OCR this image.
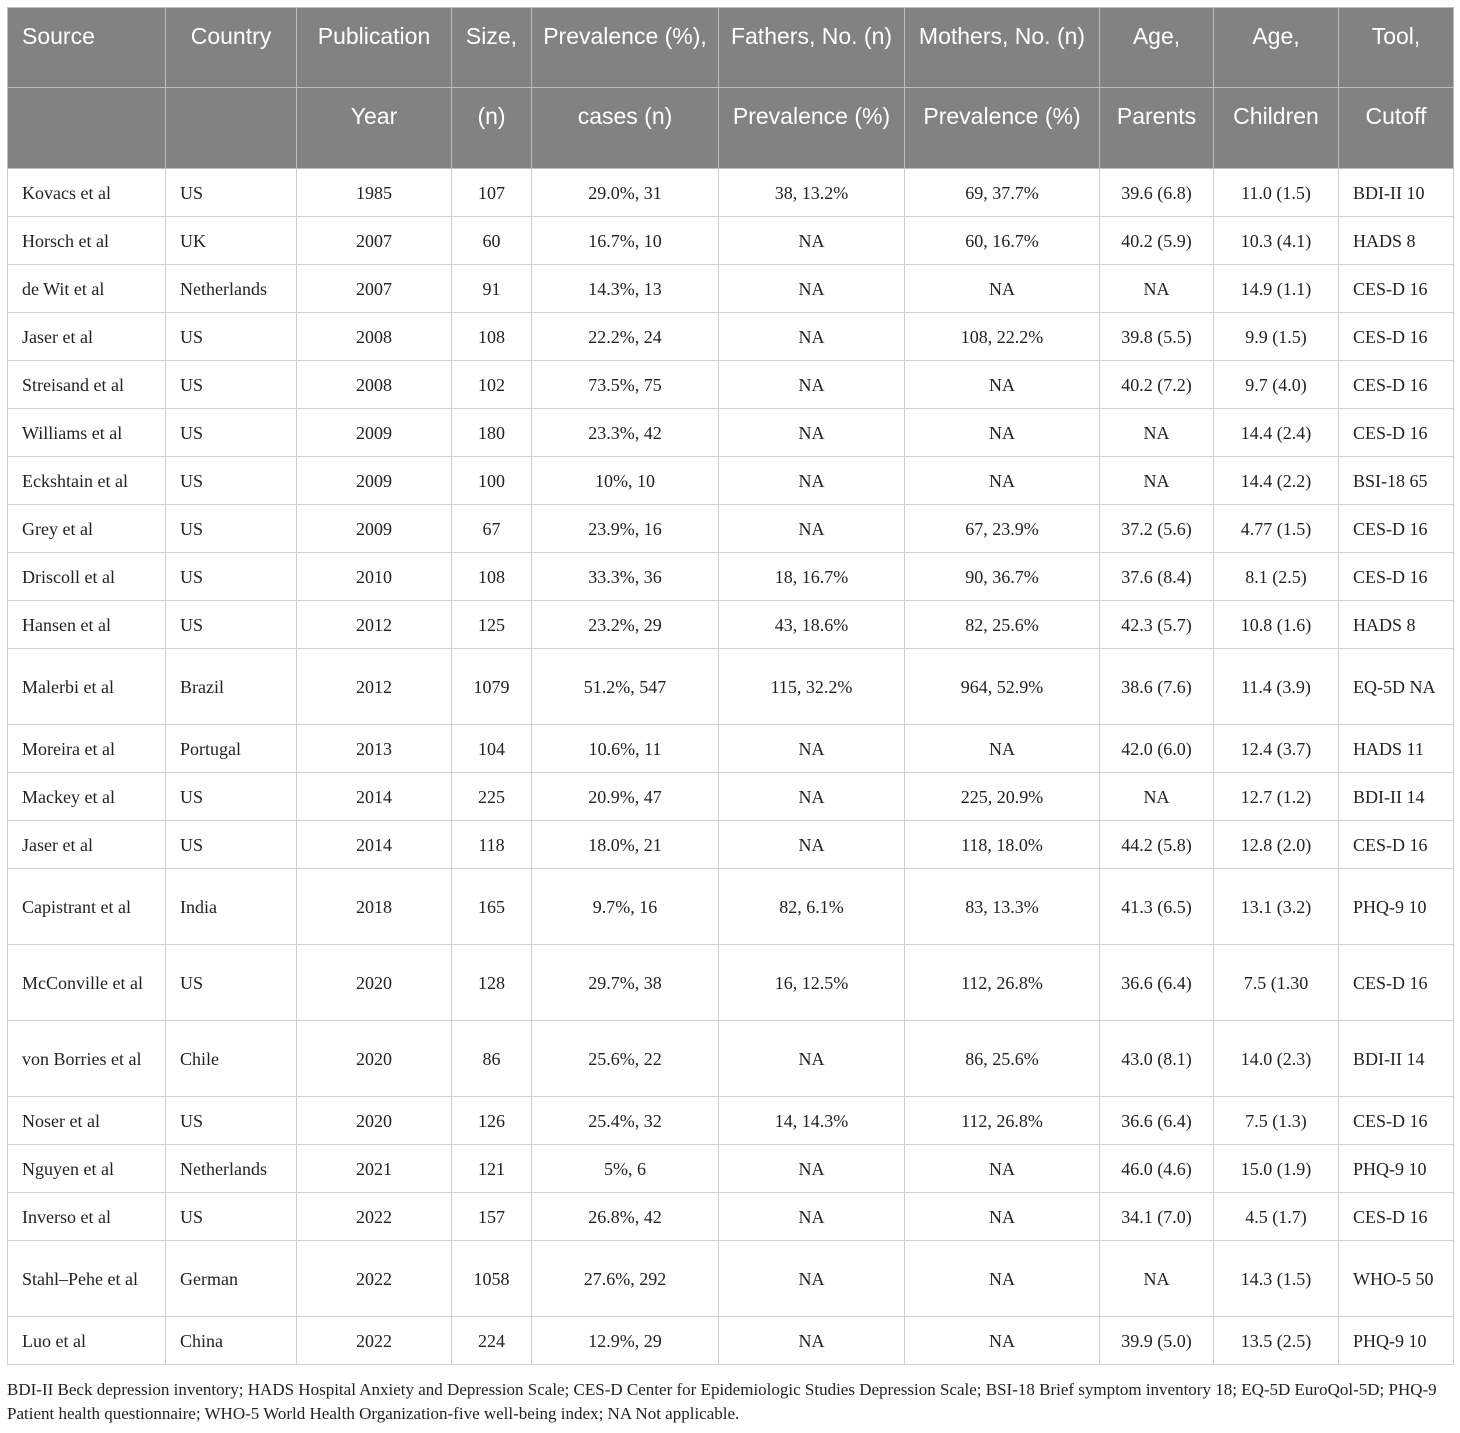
Source	Country	Publication	Size,	Prevalence (%),	Fathers, No. (n)	Mothers, No. (n)	Age,	Age,	Tool,
		Year	(n)	cases (n)	Prevalence (%)	Prevalence (%)	Parents	Children	Cutoff
Kovacs et al	US	1985	107	29.0%, 31	38, 13.2%	69, 37.7%	39.6 (6.8)	11.0 (1.5)	BDI-II 10
Horsch et al	UK	2007	60	16.7%, 10	NA	60, 16.7%	40.2 (5.9)	10.3 (4.1)	HADS 8
de Wit et al	Netherlands	2007	91	14.3%, 13	NA	NA	NA	14.9 (1.1)	CES-D 16
Jaser et al	US	2008	108	22.2%, 24	NA	108, 22.2%	39.8 (5.5)	9.9 (1.5)	CES-D 16
Streisand et al	US	2008	102	73.5%, 75	NA	NA	40.2 (7.2)	9.7 (4.0)	CES-D 16
Williams et al	US	2009	180	23.3%, 42	NA	NA	NA	14.4 (2.4)	CES-D 16
Eckshtain et al	US	2009	100	10%, 10	NA	NA	NA	14.4 (2.2)	BSI-18 65
Grey et al	US	2009	67	23.9%, 16	NA	67, 23.9%	37.2 (5.6)	4.77 (1.5)	CES-D 16
Driscoll et al	US	2010	108	33.3%, 36	18, 16.7%	90, 36.7%	37.6 (8.4)	8.1 (2.5)	CES-D 16
Hansen et al	US	2012	125	23.2%, 29	43, 18.6%	82, 25.6%	42.3 (5.7)	10.8 (1.6)	HADS 8
Malerbi et al	Brazil	2012	1079	51.2%, 547	115, 32.2%	964, 52.9%	38.6 (7.6)	11.4 (3.9)	EQ-5D NA
Moreira et al	Portugal	2013	104	10.6%, 11	NA	NA	42.0 (6.0)	12.4 (3.7)	HADS 11
Mackey et al	US	2014	225	20.9%, 47	NA	225, 20.9%	NA	12.7 (1.2)	BDI-II 14
Jaser et al	US	2014	118	18.0%, 21	NA	118, 18.0%	44.2 (5.8)	12.8 (2.0)	CES-D 16
Capistrant et al	India	2018	165	9.7%, 16	82, 6.1%	83, 13.3%	41.3 (6.5)	13.1 (3.2)	PHQ-9 10
McConville et al	US	2020	128	29.7%, 38	16, 12.5%	112, 26.8%	36.6 (6.4)	7.5 (1.30	CES-D 16
von Borries et al	Chile	2020	86	25.6%, 22	NA	86, 25.6%	43.0 (8.1)	14.0 (2.3)	BDI-II 14
Noser et al	US	2020	126	25.4%, 32	14, 14.3%	112, 26.8%	36.6 (6.4)	7.5 (1.3)	CES-D 16
Nguyen et al	Netherlands	2021	121	5%, 6	NA	NA	46.0 (4.6)	15.0 (1.9)	PHQ-9 10
Inverso et al	US	2022	157	26.8%, 42	NA	NA	34.1 (7.0)	4.5 (1.7)	CES-D 16
Stahl–Pehe et al	German	2022	1058	27.6%, 292	NA	NA	NA	14.3 (1.5)	WHO-5 50
Luo et al	China	2022	224	12.9%, 29	NA	NA	39.9 (5.0)	13.5 (2.5)	PHQ-9 10
BDI-II Beck depression inventory; HADS Hospital Anxiety and Depression Scale; CES-D Center for Epidemiologic Studies Depression Scale; BSI-18 Brief symptom inventory 18; EQ-5D EuroQol-5D; PHQ-9 Patient health questionnaire; WHO-5 World Health Organization-five well-being index; NA Not applicable.
